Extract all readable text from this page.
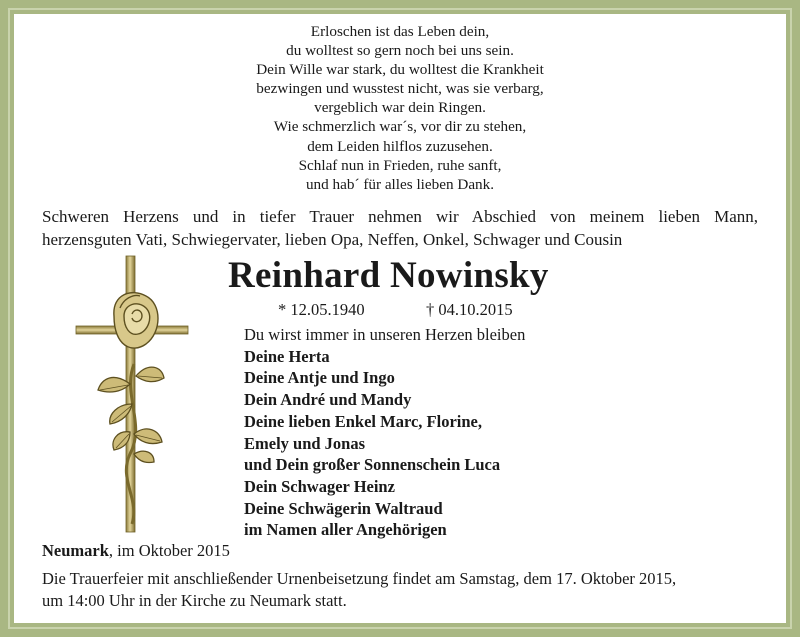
Erloschen ist das Leben dein,
du wolltest so gern noch bei uns sein.
Dein Wille war stark, du wolltest die Krankheit
bezwingen und wusstest nicht, was sie verbarg,
vergeblich war dein Ringen.
Wie schmerzlich war´s, vor dir zu stehen,
dem Leiden hilflos zuzusehen.
Schlaf nun in Frieden, ruhe sanft,
und hab´ für alles lieben Dank.
Schweren Herzens und in tiefer Trauer nehmen wir Abschied von meinem lieben Mann,
herzensguten Vati, Schwiegervater, lieben Opa, Neffen, Onkel, Schwager und Cousin
Reinhard Nowinsky
* 12.05.1940	† 04.10.2015
Du wirst immer in unseren Herzen bleiben
Deine Herta
Deine Antje und Ingo
Dein André und Mandy
Deine lieben Enkel Marc, Florine,
Emely und Jonas
und Dein großer Sonnenschein Luca
Dein Schwager Heinz
Deine Schwägerin Waltraud
im Namen aller Angehörigen
Neumark, im Oktober 2015
Die Trauerfeier mit anschließender Urnenbeisetzung findet am Samstag, dem 17. Oktober 2015,
um 14:00 Uhr in der Kirche zu Neumark statt.
